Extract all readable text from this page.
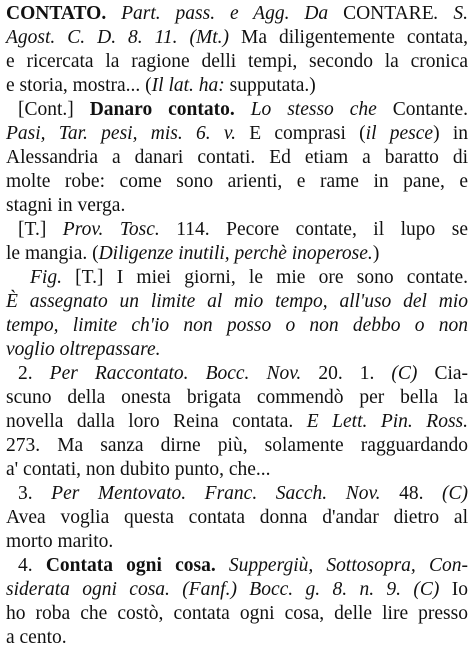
CONTATO. Part. pass. e Agg. Da CONTARE. S.
Agost. C. D. 8. 11. (Mt.) Ma diligentemente contata,
e ricercata la ragione delli tempi, secondo la cronica
e storia, mostra... (Il lat. ha: supputata.)
[Cont.] Danaro contato. Lo stesso che Contante.
Pasi, Tar. pesi, mis. 6. v. E comprasi (il pesce) in
Alessandria a danari contati. Ed etiam a baratto di
molte robe: come sono arienti, e rame in pane, e
stagni in verga.
[T.] Prov. Tosc. 114. Pecore contate, il lupo se
le mangia. (Diligenze inutili, perchè inoperose.)
Fig. [T.] I miei giorni, le mie ore sono contate.
È assegnato un limite al mio tempo, all'uso del mio
tempo, limite ch'io non posso o non debbo o non
voglio oltrepassare.
2. Per Raccontato. Bocc. Nov. 20. 1. (C) Cia-
scuno della onesta brigata commendò per bella la
novella dalla loro Reina contata. E Lett. Pin. Ross.
273. Ma sanza dirne più, solamente ragguardando
a' contati, non dubito punto, che...
3. Per Mentovato. Franc. Sacch. Nov. 48. (C)
Avea voglia questa contata donna d'andar dietro al
morto marito.
4. Contata ogni cosa. Suppergiù, Sottosopra, Con-
siderata ogni cosa. (Fanf.) Bocc. g. 8. n. 9. (C) Io
ho roba che costò, contata ogni cosa, delle lire presso
a cento.
